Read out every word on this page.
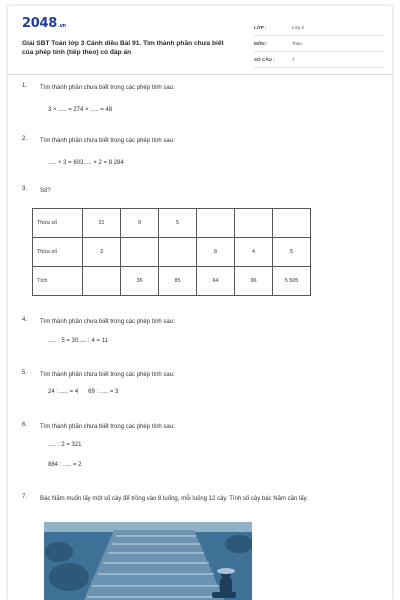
2048.vn
Giải SBT Toán lớp 3 Cánh diều Bài 91. Tìm thành phần chưa biết của phép tính (tiếp theo) có đáp án
LỚP :	Lớp 3
MÔN :	Toán
SỐ CÂU :	7
1. Tìm thành phần chưa biết trong các phép tính sau:
3 × ..... = 274 × ..... = 48
2. Tìm thành phần chưa biết trong các phép tính sau:
..... × 3 = 603..... × 2 = 8 284
3. Số?
Thừa số	31	9	5			
Thừa số	3			8	4	5
Tích		36	85	64	96	5 505
4. Tìm thành phần chưa biết trong các phép tính sau:
..... : 5 = 30..... : 4 = 11
5. Tìm thành phần chưa biết trong các phép tính sau:
24 : ..... = 4      69 : ..... = 3
6. Tìm thành phần chưa biết trong các phép tính sau:
..... : 2 = 321
884 : ..... = 2
7. Bác Năm muốn lấy một số cây để trồng vào 8 luống, mỗi luống 12 cây. Tính số cây bác Năm cần lấy.
